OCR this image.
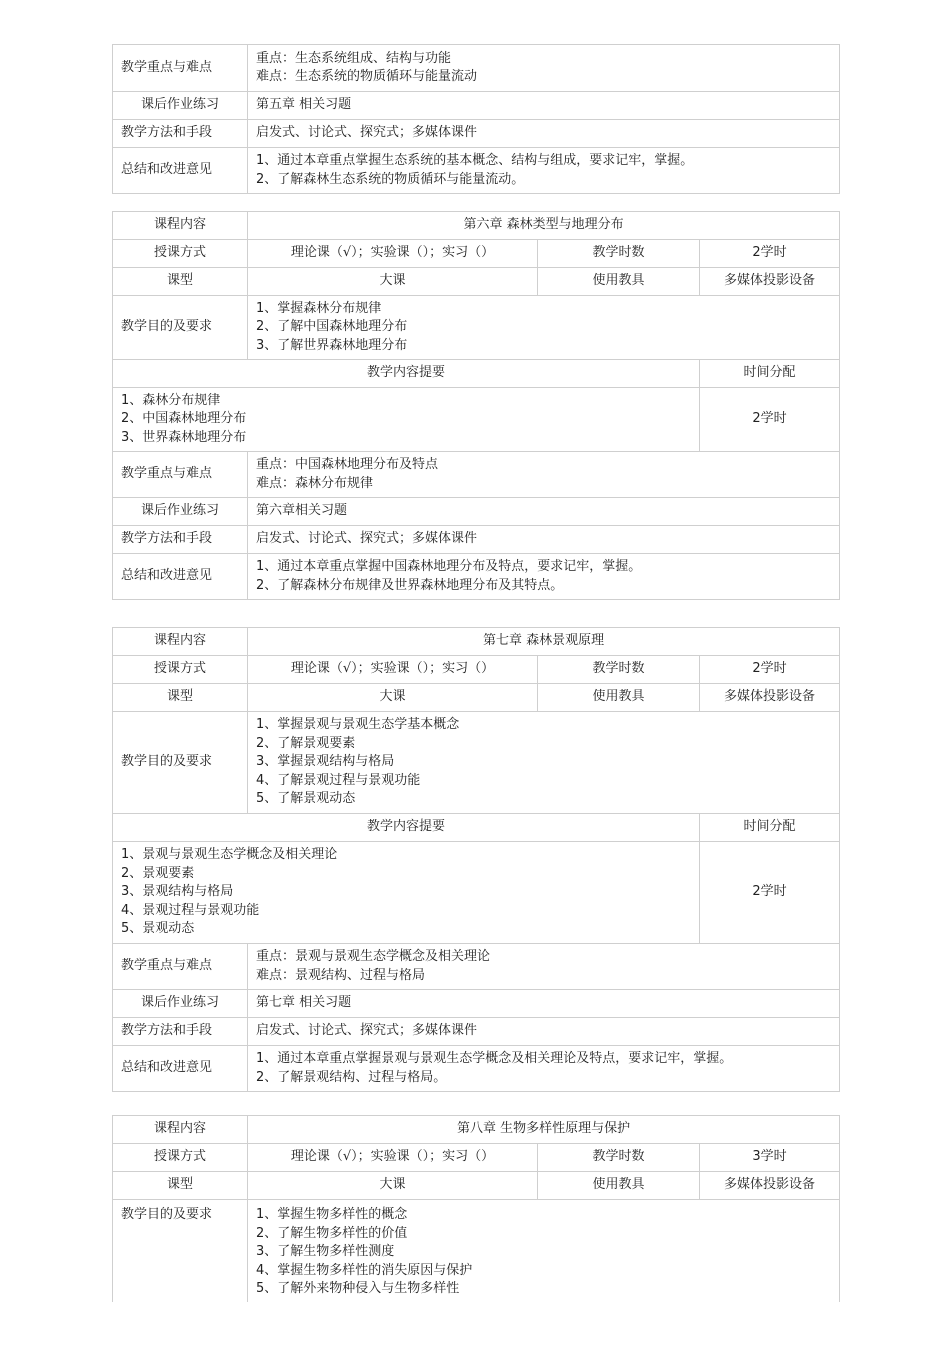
教学重点与难点	重点：生态系统组成、结构与功能
难点：生态系统的物质循环与能量流动
课后作业练习	第五章 相关习题
教学方法和手段	启发式、讨论式、探究式；多媒体课件
总结和改进意见	1、通过本章重点掌握生态系统的基本概念、结构与组成，要求记牢，掌握。
2、了解森林生态系统的物质循环与能量流动。
课程内容	第六章 森林类型与地理分布		
授课方式	理论课（√）；实验课（）；实习（）	教学时数	2学时
课型	大课	使用教具	多媒体投影设备
教学目的及要求	1、掌握森林分布规律
2、了解中国森林地理分布
3、了解世界森林地理分布		
教学内容提要			时间分配
1、森林分布规律
2、中国森林地理分布
3、世界森林地理分布			2学时
教学重点与难点	重点：中国森林地理分布及特点
难点：森林分布规律		
课后作业练习	第六章相关习题		
教学方法和手段	启发式、讨论式、探究式；多媒体课件		
总结和改进意见	1、通过本章重点掌握中国森林地理分布及特点，要求记牢，掌握。
2、了解森林分布规律及世界森林地理分布及其特点。		
课程内容	第七章 森林景观原理		
授课方式	理论课（√）；实验课（）；实习（）	教学时数	2学时
课型	大课	使用教具	多媒体投影设备
教学目的及要求	1、掌握景观与景观生态学基本概念
2、了解景观要素
3、掌握景观结构与格局
4、了解景观过程与景观功能
5、了解景观动态		
教学内容提要			时间分配
1、景观与景观生态学概念及相关理论
2、景观要素
3、景观结构与格局
4、景观过程与景观功能
5、景观动态			2学时
教学重点与难点	重点：景观与景观生态学概念及相关理论
难点：景观结构、过程与格局		
课后作业练习	第七章 相关习题		
教学方法和手段	启发式、讨论式、探究式；多媒体课件		
总结和改进意见	1、通过本章重点掌握景观与景观生态学概念及相关理论及特点，要求记牢，掌握。
2、了解景观结构、过程与格局。		
课程内容	第八章 生物多样性原理与保护		
授课方式	理论课（√）；实验课（）；实习（）	教学时数	3学时
课型	大课	使用教具	多媒体投影设备
教学目的及要求	1、掌握生物多样性的概念
2、了解生物多样性的价值
3、了解生物多样性测度
4、掌握生物多样性的消失原因与保护
5、了解外来物种侵入与生物多样性		
